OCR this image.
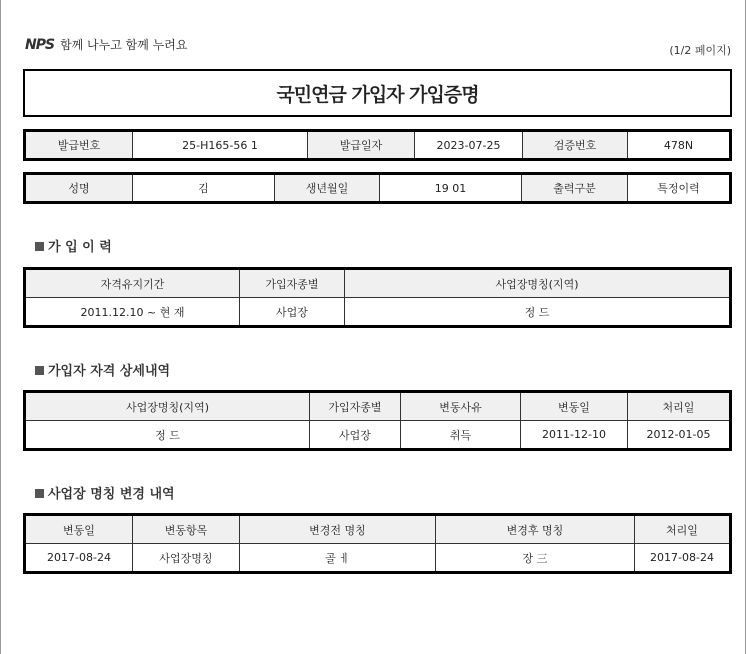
NPS 함께 나누고 함께 누려요	(1/2 페이지)
국민연금 가입자 가입증명
발급번호	25-H165-56 1	발급일자	2023-07-25	검증번호	478N
성명	김	생년월일	19 01	출력구분	특정이력
가 입 이 력
자격유지기간	가입자종별	사업장명칭(지역)
2011.12.10 ~ 현 재	사업장	정 드
가입자 자격 상세내역
사업장명칭(지역)	가입자종별	변동사유	변동일	처리일
정 드	사업장	취득	2011-12-10	2012-01-05
사업장 명칭 변경 내역
변동일	변동항목	변경전 명칭	변경후 명칭	처리일
2017-08-24	사업장명칭	골 ㅔ	장 三	2017-08-24
